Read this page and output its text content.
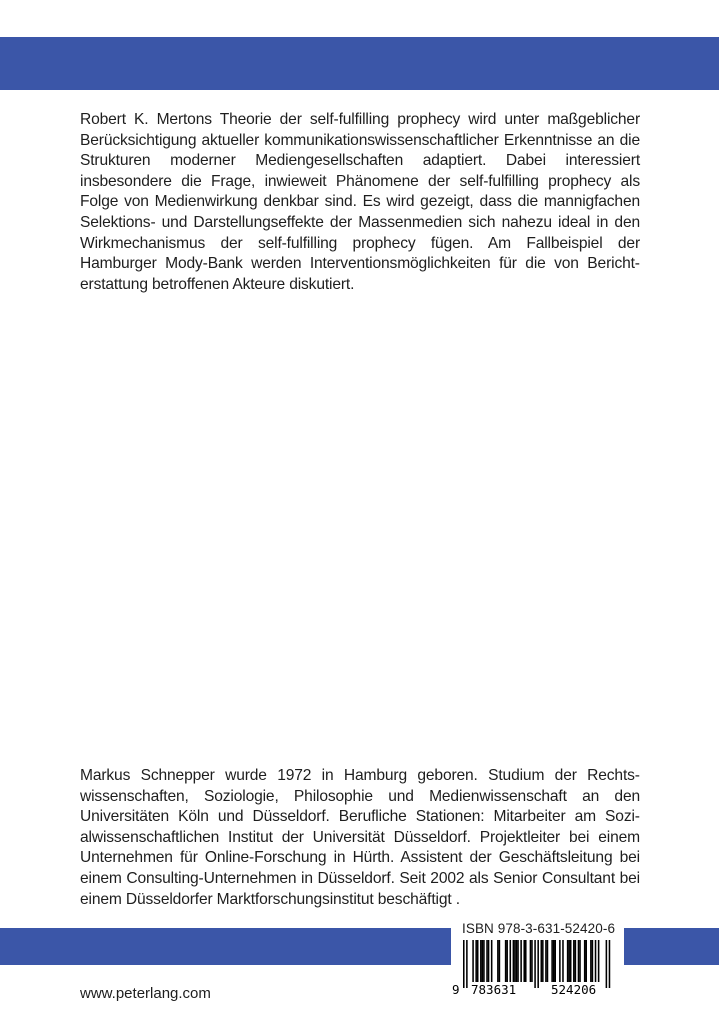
Robert K. Mertons Theorie der self-fulfilling prophecy wird unter maßgeblicher Berücksichtigung aktueller kommunikationswissenschaftlicher Erkenntnisse an die Strukturen moderner Mediengesellschaften adaptiert. Dabei interessiert insbesondere die Frage, inwieweit Phänomene der self-fulfilling prophecy als Folge von Medienwirkung denkbar sind. Es wird gezeigt, dass die mannigfachen Selektions- und Darstellungseffekte der Massenmedien sich nahezu ideal in den Wirkmechanismus der self-fulfilling prophecy fügen. Am Fallbeispiel der Hamburger Mody-Bank werden Interventionsmöglichkeiten für die von Berichterstattung betroffenen Akteure diskutiert.
Markus Schnepper wurde 1972 in Hamburg geboren. Studium der Rechtswissenschaften, Soziologie, Philosophie und Medienwissenschaft an den Universitäten Köln und Düsseldorf. Berufliche Stationen: Mitarbeiter am Sozialwissenschaftlichen Institut der Universität Düsseldorf. Projektleiter bei einem Unternehmen für Online-Forschung in Hürth. Assistent der Geschäftsleitung bei einem Consulting-Unternehmen in Düsseldorf. Seit 2002 als Senior Consultant bei einem Düsseldorfer Marktforschungsinstitut beschäftigt .
ISBN 978-3-631-52420-6
9 783631	524206
www.peterlang.com
